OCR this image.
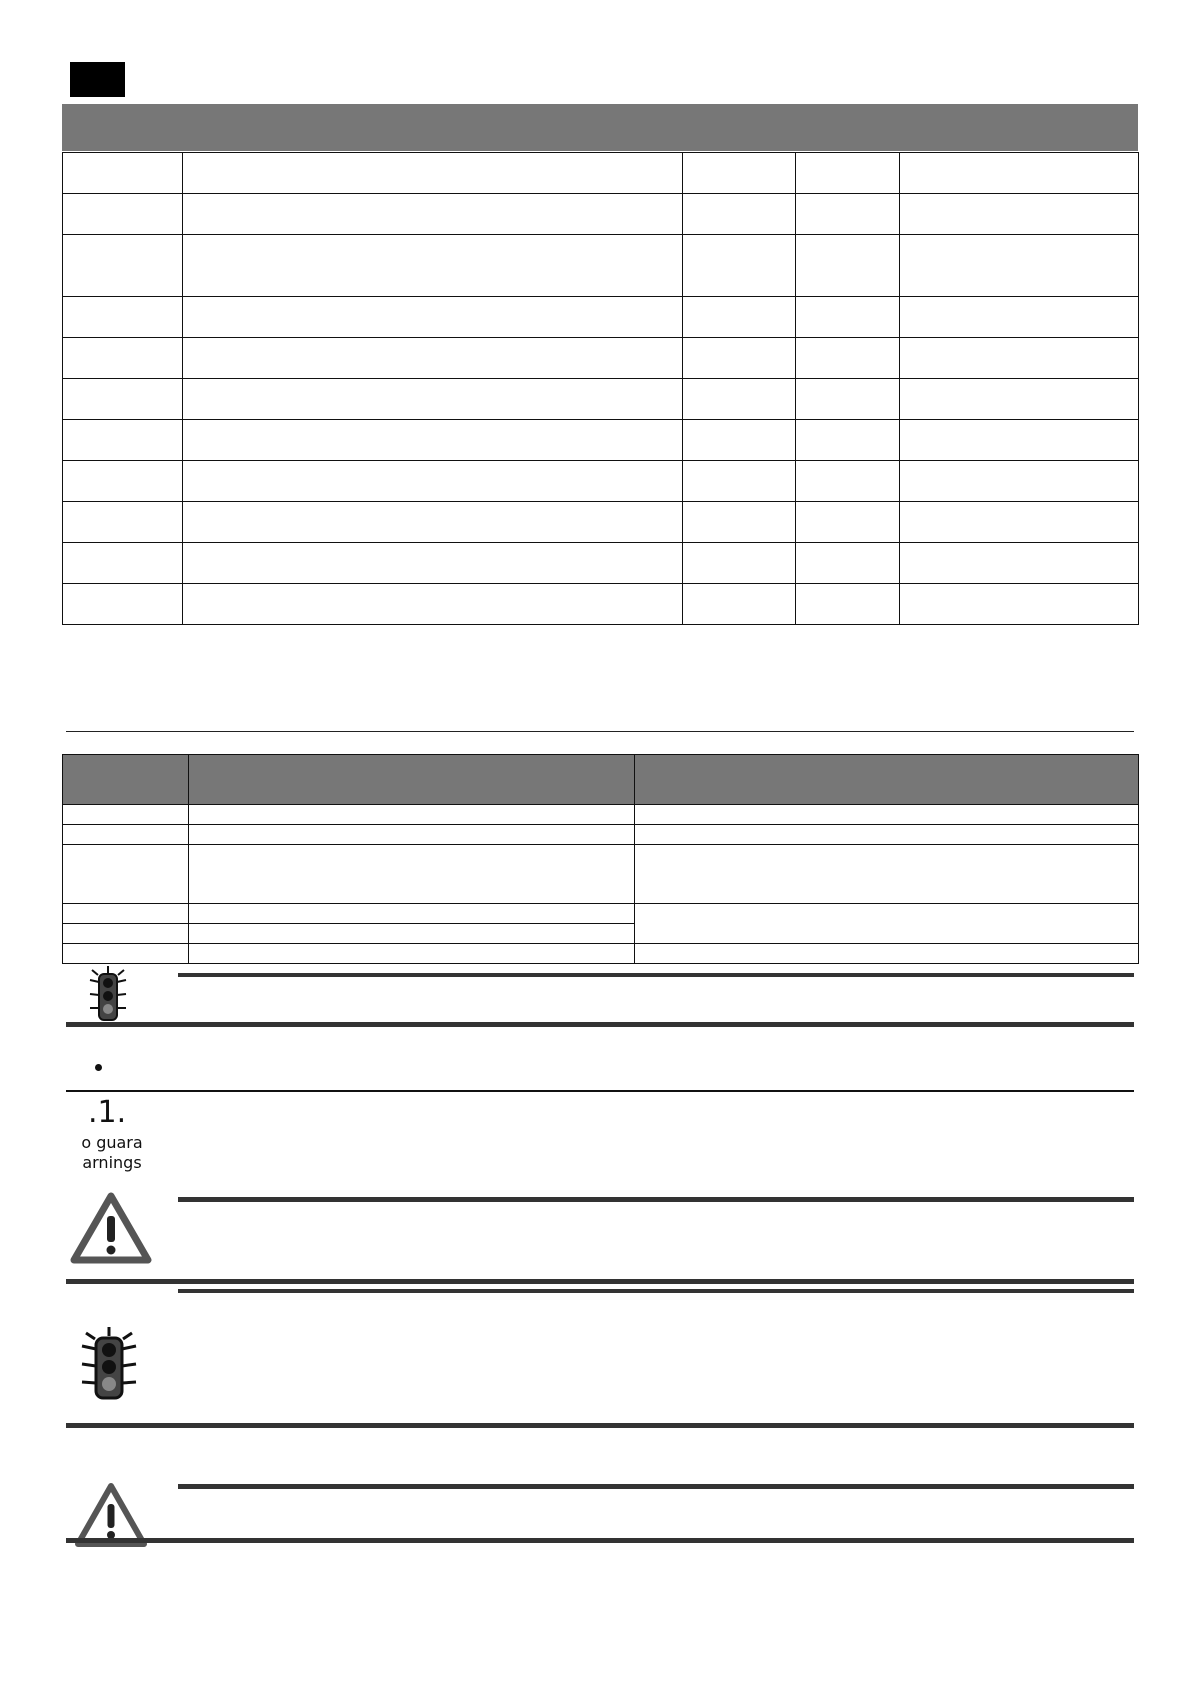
.1.
o guara
arnings
